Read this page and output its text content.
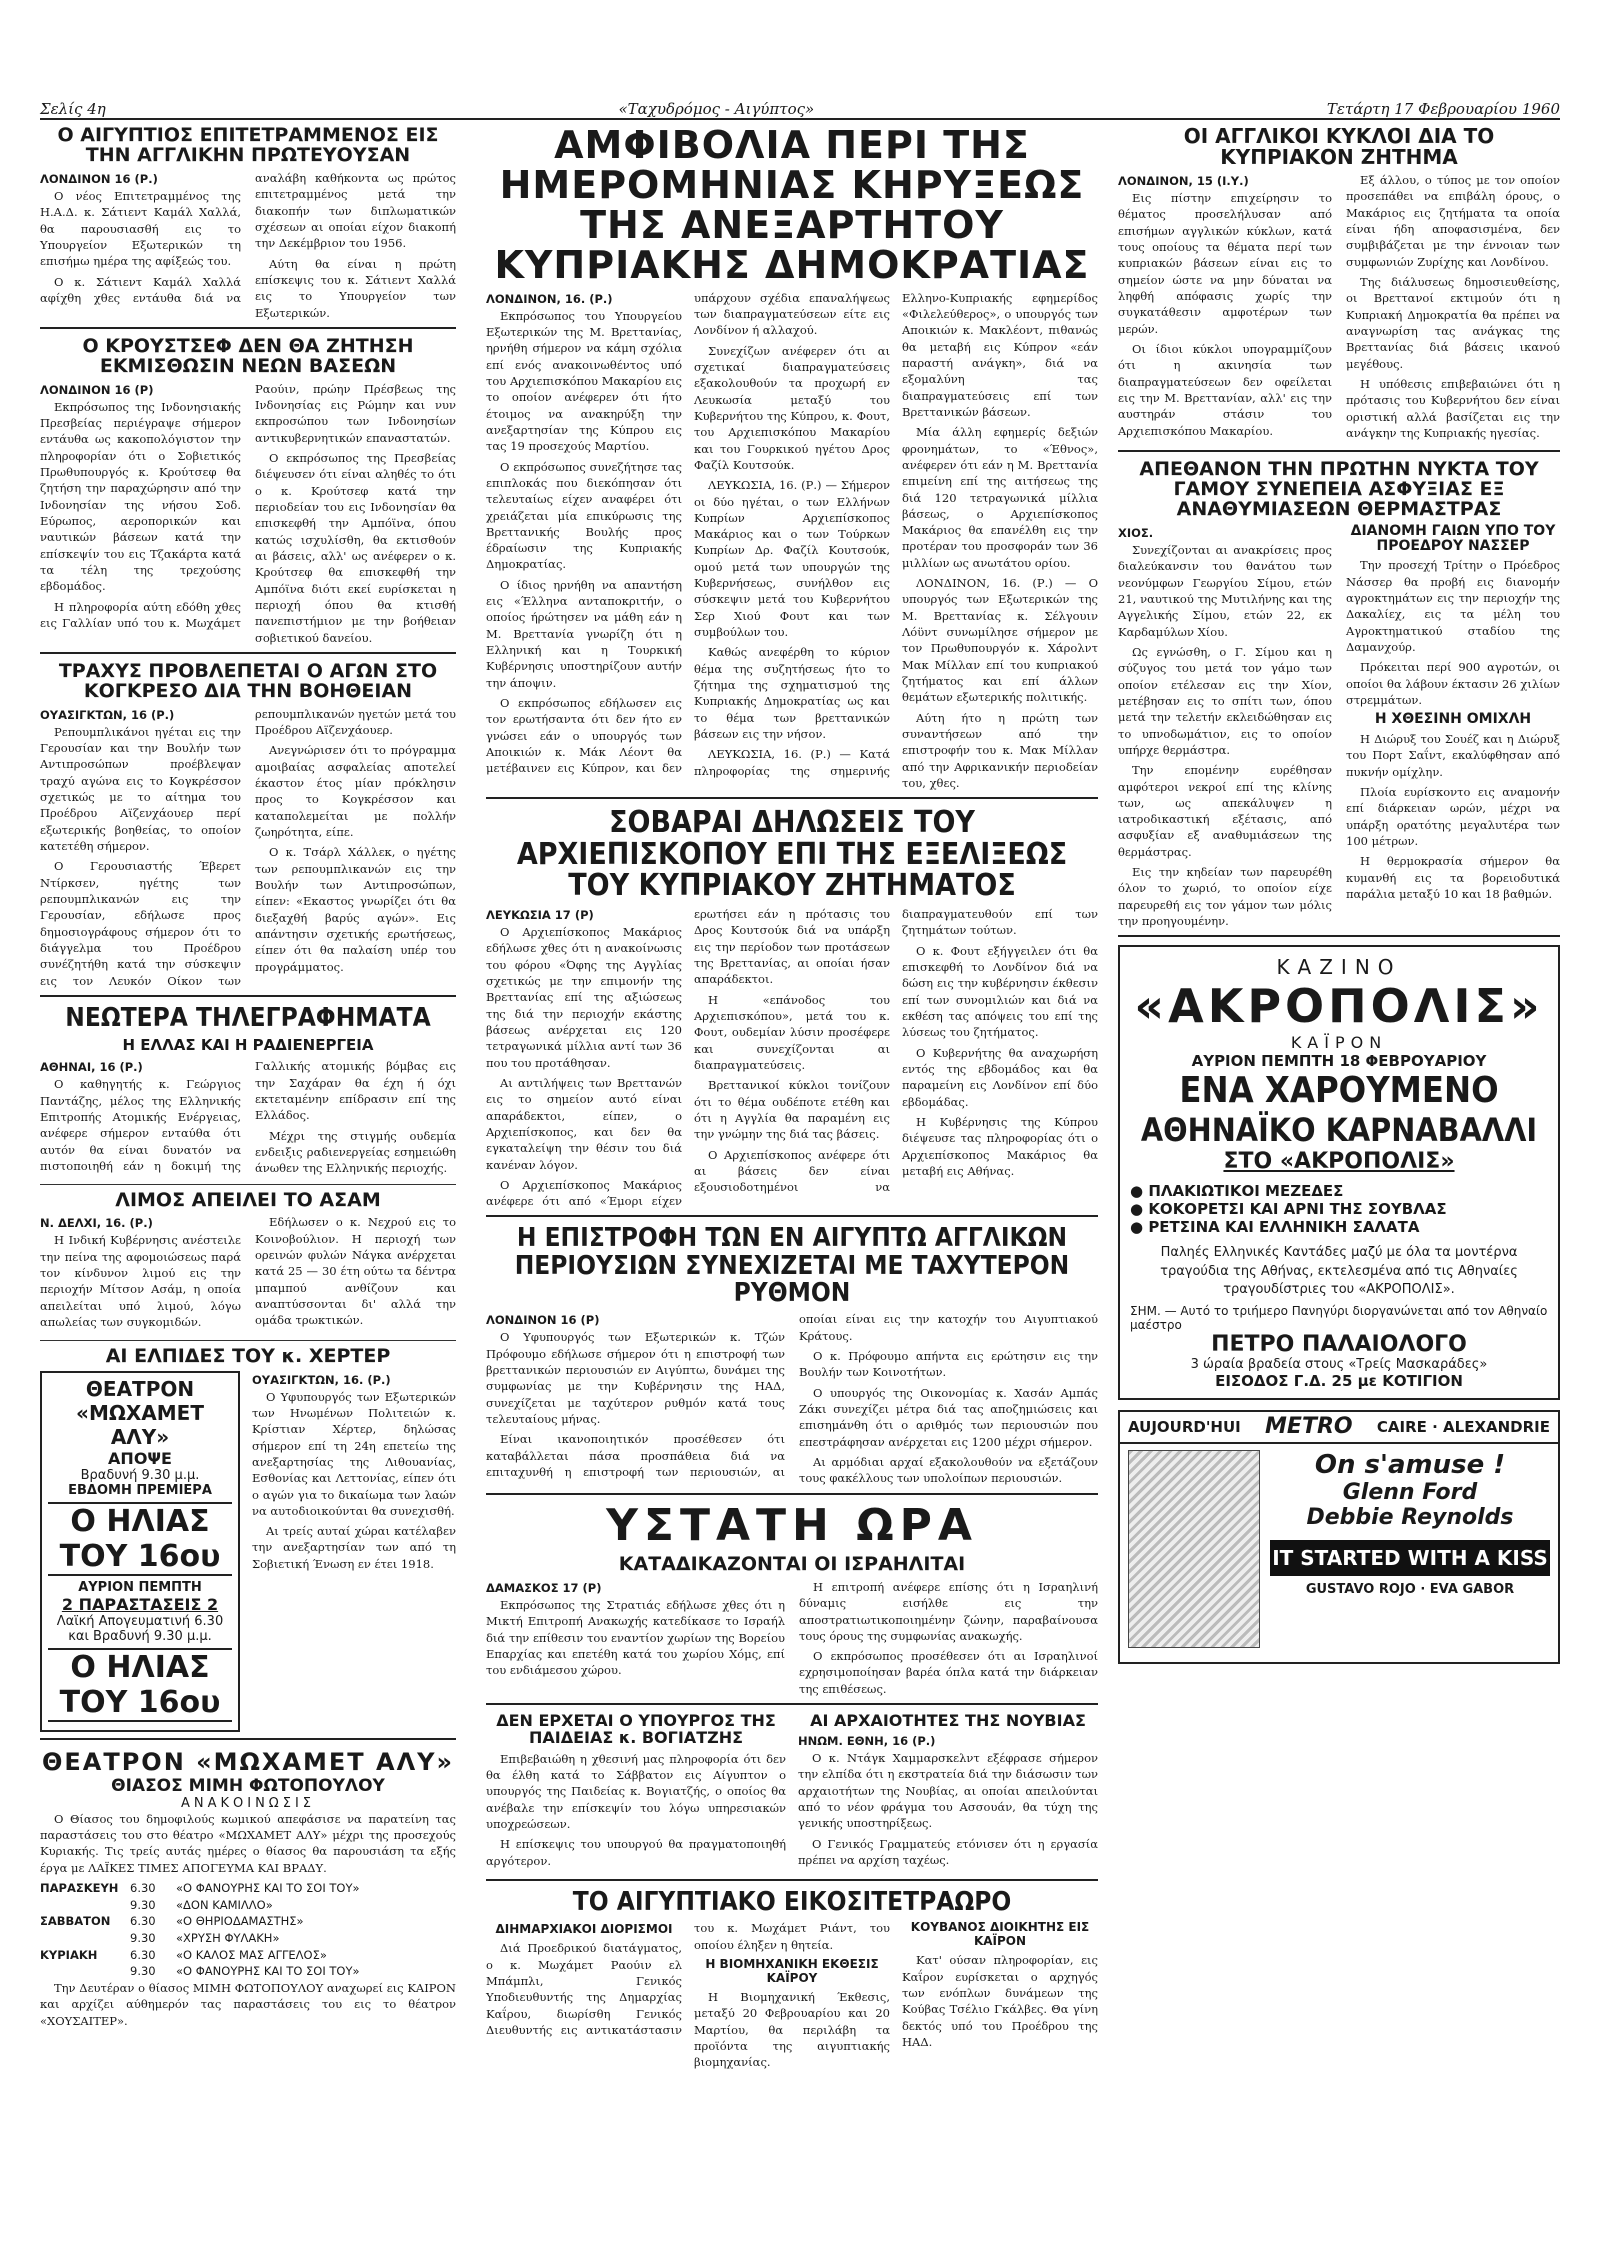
Σελίς 4η	«Ταχυδρόμος - Αιγύπτος»	Τετάρτη 17 Φεβρουαρίου 1960
Ο ΑΙΓΥΠΤΙΟΣ ΕΠΙΤΕΤΡΑΜΜΕΝΟΣ ΕΙΣ ΤΗΝ ΑΓΓΛΙΚΗΝ ΠΡΩΤΕΥΟΥΣΑΝ
ΛΟΝΔΙΝΟΝ 16 (Ρ.)

Ο νέος Επιτετραμμένος της Η.Α.Δ. κ. Σάτιεντ Καμάλ Χαλλά, θα παρουσιασθή εις το Υπουργείον Εξωτερικών τη επισήμω ημέρα της αφίξεώς του.

Ο κ. Σάτιεντ Καμάλ Χαλλά αφίχθη χθες εντάυθα διά να αναλάβη καθήκοντα ως πρώτος επιτετραμμένος μετά την διακοπήν των διπλωματικών σχέσεων αι οποίαι είχον διακοπή την Δεκέμβριον του 1956.

Αύτη θα είναι η πρώτη επίσκεψις του κ. Σάτιεντ Χαλλά εις το Υπουργείον των Εξωτερικών.

Ο ΚΡΟΥΣΤΣΕΦ ΔΕΝ ΘΑ ΖΗΤΗΣΗ ΕΚΜΙΣΘΩΣΙΝ ΝΕΩΝ ΒΑΣΕΩΝ
ΛΟΝΔΙΝΟΝ 16 (Ρ)

Εκπρόσωπος της Ινδονησιακής Πρεσβείας περιέγραψε σήμερον εντάυθα ως κακοπολόγιστον την πληροφορίαν ότι ο Σοβιετικός Πρωθυπουργός κ. Κρούτσεφ θα ζητήση την παραχώρησιν από την Ινδονησίαν της νήσου Σοδ. Εύρωπος, αεροπορικών και ναυτικών βάσεων κατά την επίσκεψίν του εις Τζακάρτα κατά τα τέλη της τρεχούσης εβδομάδος.

Η πληροφορία αύτη εδόθη χθες εις Γαλλίαν υπό του κ. Μωχάμετ Ραούιν, πρώην Πρέσβεως της Ινδονησίας εις Ρώμην και νυν εκπροσώπου των Ινδονησίων αντικυβερνητικών επαναστατών.

Ο εκπρόσωπος της Πρεσβείας διέψευσεν ότι είναι αληθές το ότι ο κ. Κρούτσεφ κατά την περιοδείαν του εις Ινδονησίαν θα επισκεφθή την Αμπόϊνα, όπου κατώς ισχυλίσθη, θα εκτισθούν αι βάσεις, αλλ' ως ανέφερεν ο κ. Κρούτσεφ θα επισκεφθή την Αμπόϊνα διότι εκεί ευρίσκεται η περιοχή όπου θα κτισθή πανεπιστήμιον με την βοήθειαν σοβιετικού δανείου.

ΤΡΑΧΥΣ ΠΡΟΒΛΕΠΕΤΑΙ Ο ΑΓΩΝ ΣΤΟ ΚΟΓΚΡΕΣΟ ΔΙΑ ΤΗΝ ΒΟΗΘΕΙΑΝ
ΟΥΑΣΙΓΚΤΩΝ, 16 (Ρ.)

Ρεπουμπλικάνοι ηγέται εις την Γερουσίαν και την Βουλήν των Αντιπροσώπων προέβλεψαν τραχύ αγώνα εις το Κογκρέσσον σχετικώς με το αίτημα του Προέδρου Αϊζενχάουερ περί εξωτερικής βοηθείας, το οποίον κατετέθη σήμερον.

Ο Γερουσιαστής Έβερετ Ντίρκσεν, ηγέτης των ρεπουμπλικανών εις την Γερουσίαν, εδήλωσε προς δημοσιογράφους σήμερον ότι το διάγγελμα του Προέδρου συνέζητήθη κατά την σύσκεψιν εις τον Λευκόν Οίκον των ρεπουμπλικανών ηγετών μετά του Προέδρου Αϊζενχάουερ.

Ανεγνώρισεν ότι το πρόγραμμα αμοιβαίας ασφαλείας αποτελεί έκαστον έτος μίαν πρόκλησιν προς το Κογκρέσσον και καταπολεμείται με πολλήν ζωηρότητα, είπε.

Ο κ. Τσάρλ Χάλλεκ, ο ηγέτης των ρεπουμπλικανών εις την Βουλήν των Αντιπροσώπων, είπεν: «Εκαστος γνωρίζει ότι θα διεξαχθή βαρύς αγών». Εις απάντησιν σχετικής ερωτήσεως, είπεν ότι θα παλαίση υπέρ του προγράμματος.

ΝΕΩΤΕΡΑ ΤΗΛΕΓΡΑΦΗΜΑΤΑ
Η ΕΛΛΑΣ ΚΑΙ Η ΡΑΔΙΕΝΕΡΓΕΙΑ
ΑΘΗΝΑΙ, 16 (Ρ.)

Ο καθηγητής κ. Γεώργιος Παντάζης, μέλος της Ελληνικής Επιτροπής Ατομικής Ενέργειας, ανέφερε σήμερον ενταύθα ότι αυτόν θα είναι δυνατόν να πιστοποιηθή εάν η δοκιμή της Γαλλικής ατομικής βόμβας εις την Σαχάραν θα έχη ή όχι εκτεταμένην επίδρασιν επί της Ελλάδος.

Μέχρι της στιγμής ουδεμία ενδειξις ραδιενεργείας εσημειώθη άνωθεν της Ελληνικής περιοχής.

ΛΙΜΟΣ ΑΠΕΙΛΕΙ ΤΟ ΑΣΑΜ
Ν. ΔΕΛΧΙ, 16. (Ρ.)

Η Ινδική Κυβέρνησις ανέστειλε την πείνα της αφομοιώσεως παρά τον κίνδυνον λιμού εις την περιοχήν Μίτσον Ασάμ, η οποία απειλείται υπό λιμού, λόγω απωλείας των συγκομιδών.

Εδήλωσεν ο κ. Νεχρού εις το Κοινοβούλιον. Η περιοχή των ορεινών φυλών Νάγκα ανέρχεται κατά 25 — 30 έτη ούτω τα δέντρα μπαμπού ανθίζουν και αναπτύσσονται δι' αλλά την ομάδα τρωκτικών.

ΑΙ ΕΛΠΙΔΕΣ ΤΟΥ κ. ΧΕΡΤΕΡ
ΘΕΑΤΡΟΝ «ΜΩΧΑΜΕΤ ΑΛΥ»
ΑΠΟΨΕ
Βραδυνή 9.30 μ.μ.
ΕΒΔΟΜΗ ΠΡΕΜΙΕΡΑ
Ο ΗΛΙΑΣ ΤΟΥ 16ου
ΑΥΡΙΟΝ ΠΕΜΠΤΗ
2 ΠΑΡΑΣΤΑΣΕΙΣ 2
Λαϊκή Απογευματινή 6.30
και Βραδυνή 9.30 μ.μ.
Ο ΗΛΙΑΣ ΤΟΥ 16ου
ΟΥΑΣΙΓΚΤΩΝ, 16. (Ρ.)

Ο Υφυπουργός των Εξωτερικών των Ηνωμένων Πολιτειών κ. Κρίστιαν Χέρτερ, δηλώσας σήμερον επί τη 24η επετείω της ανεξαρτησίας της Λιθουανίας, Εσθονίας και Λεττονίας, είπεν ότι ο αγών για το δικαίωμα των λαών να αυτοδιοικούνται θα συνεχισθή.

Αι τρείς αυταί χώραι κατέλαβεν την ανεξαρτησίαν των από τη Σοβιετική Ένωση εν έτει 1918.

ΘΕΑΤΡΟΝ «ΜΩΧΑΜΕΤ ΑΛΥ»
ΘΙΑΣΟΣ ΜΙΜΗ ΦΩΤΟΠΟΥΛΟΥ
ΑΝΑΚΟΙΝΩΣΙΣ

Ο Θίασος του δημοφιλούς κωμικού απεφάσισε να παρατείνη τας παραστάσεις του στο θέατρο «ΜΩΧΑΜΕΤ ΑΛΥ» μέχρι της προσεχούς Κυριακής. Τις τρείς αυτάς ημέρες ο θίασος θα παρουσιάση τα εξής έργα με ΛΑΪΚΕΣ ΤΙΜΕΣ ΑΠΟΓΕΥΜΑ ΚΑΙ ΒΡΑΔΥ.

ΠΑΡΑΣΚΕΥΗ	6.30	«Ο ΦΑΝΟΥΡΗΣ ΚΑΙ ΤΟ ΣΟΙ ΤΟΥ»
9.30	«ΔΟΝ ΚΑΜΙΛΛΟ»
ΣΑΒΒΑΤΟΝ	6.30	«Ο ΘΗΡΙΟΔΑΜΑΣΤΗΣ»
9.30	«ΧΡΥΣΗ ΦΥΛΑΚΗ»
ΚΥΡΙΑΚΗ	6.30	«Ο ΚΑΛΟΣ ΜΑΣ ΑΓΓΕΛΟΣ»
9.30	«Ο ΦΑΝΟΥΡΗΣ ΚΑΙ ΤΟ ΣΟΙ ΤΟΥ»

Την Δευτέραν ο θίασος ΜΙΜΗ ΦΩΤΟΠΟΥΛΟΥ αναχωρεί εις ΚΑΙΡΟΝ και αρχίζει αύθημερόν τας παραστάσεις του εις το θέατρον «ΧΟΥΣΑΙΤΕΡ».

ΑΜΦΙΒΟΛΙΑ ΠΕΡΙ ΤΗΣ ΗΜΕΡΟΜΗΝΙΑΣ ΚΗΡΥΞΕΩΣ ΤΗΣ ΑΝΕΞΑΡΤΗΤΟΥ ΚΥΠΡΙΑΚΗΣ ΔΗΜΟΚΡΑΤΙΑΣ
ΛΟΝΔΙΝΟΝ, 16. (Ρ.)

Εκπρόσωπος του Υπουργείου Εξωτερικών της Μ. Βρεττανίας, ηρνήθη σήμερον να κάμη σχόλια επί ενός ανακοινωθέντος υπό του Αρχιεπισκόπου Μακαρίου εις το οποίον ανέφερεν ότι ήτο έτοιμος να ανακηρύξη την ανεξαρτησίαν της Κύπρου εις τας 19 προσεχούς Μαρτίου.

Ο εκπρόσωπος συνεζήτησε τας επιπλοκάς που διεκόπησαν ότι τελευταίως είχεν αναφέρει ότι χρειάζεται μία επικύρωσις της Βρεττανικής Βουλής προς έδραίωσιν της Κυπριακής Δημοκρατίας.

Ο ίδιος ηρνήθη να απαντήση εις «Έλληνα ανταποκριτήν, ο οποίος ήρώτησεν να μάθη εάν η Μ. Βρεττανία γνωρίζη ότι η Ελληνική και η Τουρκική Κυβέρνησις υποστηρίζουν αυτήν την άποψιν.

Ο εκπρόσωπος εδήλωσεν εις τον ερωτήσαντα ότι δεν ήτο εν γνώσει εάν ο υπουργός των Αποικιών κ. Μάκ Λέοντ θα μετέβαινεν εις Κύπρον, και δεν υπάρχουν σχέδια επαναλήψεως των διαπραγματεύσεων είτε εις Λονδίνον ή αλλαχού.

Συνεχίζων ανέφερεν ότι αι σχετικαί διαπραγματεύσεις εξακολουθούν τα προχωρή εν Λευκωσία μεταξύ του Κυβερνήτου της Κύπρου, κ. Φουτ, του Αρχιεπισκόπου Μακαρίου και του Γουρκικού ηγέτου Δρος Φαζίλ Κουτσούκ.

ΛΕΥΚΩΣΙΑ, 16. (Ρ.) — Σήμερον οι δύο ηγέται, ο των Ελλήνων Κυπρίων Αρχιεπίσκοπος Μακάριος και ο των Τούρκων Κυπρίων Δρ. Φαζίλ Κουτσούκ, ομού μετά των υπουργών της Κυβερνήσεως, συνήλθον εις σύσκεψιν μετά του Κυβερνήτου Σερ Χιού Φουτ και των συμβούλων του.

Καθώς ανεφέρθη το κύριον θέμα της συζητήσεως ήτο το ζήτημα της σχηματισμού της Κυπριακής Δημοκρατίας ως και το θέμα των βρεττανικών βάσεων εις την νήσον.

ΛΕΥΚΩΣΙΑ, 16. (Ρ.) — Κατά πληροφορίας της σημερινής Ελληνο-Κυπριακής εφημερίδος «Φιλελεύθερος», ο υπουργός των Αποικιών κ. Μακλέοντ, πιθανώς θα μεταβή εις Κύπρον «εάν παραστή ανάγκη», διά να εξομαλύνη τας διαπραγματεύσεις επί των Βρεττανικών βάσεων.

Μία άλλη εφημερίς δεξιών φρονημάτων, το «Έθνος», ανέφερεν ότι εάν η Μ. Βρεττανία επιμείνη επί της αιτήσεως της διά 120 τετραγωνικά μίλλια βάσεως, ο Αρχιεπίσκοπος Μακάριος θα επανέλθη εις την προτέραν του προσφοράν των 36 μιλλίων ως ανωτάτου ορίου.

ΛΟΝΔΙΝΟΝ, 16. (Ρ.) — Ο υπουργός των Εξωτερικών της Μ. Βρεττανίας κ. Σέλγουιν Λόϋντ συνωμίλησε σήμερον με τον Πρωθυπουργόν κ. Χάρολντ Μακ Μίλλαν επί του κυπριακού ζητήματος και επί άλλων θεμάτων εξωτερικής πολιτικής.

Αύτη ήτο η πρώτη των συναντήσεων από την επιστροφήν του κ. Μακ Μίλλαν από την Αφρικανικήν περιοδείαν του, χθες.

ΣΟΒΑΡΑΙ ΔΗΛΩΣΕΙΣ ΤΟΥ ΑΡΧΙΕΠΙΣΚΟΠΟΥ ΕΠΙ ΤΗΣ ΕΞΕΛΙΞΕΩΣ ΤΟΥ ΚΥΠΡΙΑΚΟΥ ΖΗΤΗΜΑΤΟΣ
ΛΕΥΚΩΣΙΑ 17 (Ρ)

Ο Αρχιεπίσκοπος Μακάριος εδήλωσε χθες ότι η ανακοίνωσις του φόρου «Όφης της Αγγλίας σχετικώς με την επιμονήν της Βρεττανίας επί της αξιώσεως της διά την περιοχήν εκάστης βάσεως ανέρχεται εις 120 τετραγωνικά μίλλια αντί των 36 που του προτάθησαν.

Αι αντιλήψεις των Βρεττανών εις το σημείον αυτό είναι απαράδεκτοι, είπεν, ο Αρχιεπίσκοπος, και δεν θα εγκαταλείψη την θέσιν του διά κανέναν λόγον.

Ο Αρχιεπίσκοπος Μακάριος ανέφερε ότι από «Έμορι είχεν ερωτήσει εάν η πρότασις του Δρος Κουτσούκ διά να υπάρξη εις την περίοδον των προτάσεων της Βρεττανίας, αι οποίαι ήσαν απαράδεκτοι.

Η «επάνοδος του Αρχιεπισκόπου», μετά του κ. Φουτ, ουδεμίαν λύσιν προσέφερε και συνεχίζονται αι διαπραγματεύσεις.

Βρεττανικοί κύκλοι τονίζουν ότι το θέμα ουδέποτε ετέθη και ότι η Αγγλία θα παραμένη εις την γνώμην της διά τας βάσεις.

Ο Αρχιεπίσκοπος ανέφερε ότι αι βάσεις δεν είναι εξουσιοδοτημένοι να διαπραγματευθούν επί των ζητημάτων τούτων.

Ο κ. Φουτ εξήγγειλεν ότι θα επισκεφθή το Λονδίνον διά να δώση εις την κυβέρνησιν έκθεσιν επί των συνομιλιών και διά να εκθέση τας απόψεις του επί της λύσεως του ζητήματος.

Ο Κυβερνήτης θα αναχωρήση εντός της εβδομάδος και θα παραμείνη εις Λονδίνον επί δύο εβδομάδας.

Η Κυβέρνησις της Κύπρου διέψευσε τας πληροφορίας ότι ο Αρχιεπίσκοπος Μακάριος θα μεταβή εις Αθήνας.

Η ΕΠΙΣΤΡΟΦΗ ΤΩΝ ΕΝ ΑΙΓΥΠΤΩ ΑΓΓΛΙΚΩΝ ΠΕΡΙΟΥΣΙΩΝ ΣΥΝΕΧΙΖΕΤΑΙ ΜΕ ΤΑΧΥΤΕΡΟΝ ΡΥΘΜΟΝ
ΛΟΝΔΙΝΟΝ 16 (Ρ)

Ο Υφυπουργός των Εξωτερικών κ. Τζών Πρόφουμο εδήλωσε σήμερον ότι η επιστροφή των βρεττανικών περιουσιών εν Αιγύπτω, δυνάμει της συμφωνίας με την Κυβέρνησιν της ΗΑΔ, συνεχίζεται με ταχύτερον ρυθμόν κατά τους τελευταίους μήνας.

Είναι ικανοποιητικόν προσέθεσεν ότι καταβάλλεται πάσα προσπάθεια διά να επιταχυνθή η επιστροφή των περιουσιών, αι οποίαι είναι εις την κατοχήν του Αιγυπτιακού Κράτους.

Ο κ. Πρόφουμο απήντα εις ερώτησιν εις την Βουλήν των Κοινοτήτων.

Ο υπουργός της Οικονομίας κ. Χασάν Αμπάς Ζάκι συνεχίζει μέτρα διά τας αποζημιώσεις και επισημάνθη ότι ο αριθμός των περιουσιών που επεστράφησαν ανέρχεται εις 1200 μέχρι σήμερον.

Αι αρμόδιαι αρχαί εξακολουθούν να εξετάζουν τους φακέλλους των υπολοίπων περιουσιών.

ΥΣΤΑΤΗ ΩΡΑ
ΚΑΤΑΔΙΚΑΖΟΝΤΑΙ ΟΙ ΙΣΡΑΗΛΙΤΑΙ
ΔΑΜΑΣΚΟΣ 17 (Ρ)

Εκπρόσωπος της Στρατιάς εδήλωσε χθες ότι η Μικτή Επιτροπή Ανακωχής κατεδίκασε το Ισραήλ διά την επίθεσιν του εναντίον χωρίων της Βορείου Επαρχίας και επετέθη κατά του χωρίου Χόμς, επί του ενδιάμεσου χώρου.

Η επιτροπή ανέφερε επίσης ότι η Ισραηλινή δύναμις εισήλθε εις την αποστρατιωτικοποιημένην ζώνην, παραβαίνουσα τους όρους της συμφωνίας ανακωχής.

Ο εκπρόσωπος προσέθεσεν ότι αι Ισραηλινοί εχρησιμοποίησαν βαρέα όπλα κατά την διάρκειαν της επιθέσεως.

ΔΕΝ ΕΡΧΕΤΑΙ Ο ΥΠΟΥΡΓΟΣ ΤΗΣ ΠΑΙΔΕΙΑΣ κ. ΒΟΓΙΑΤΖΗΣ

Επιβεβαιώθη η χθεσινή μας πληροφορία ότι δεν θα έλθη κατά το Σάββατον εις Αίγυπτον ο υπουργός της Παιδείας κ. Βογιατζής, ο οποίος θα ανέβαλε την επίσκεψίν του λόγω υπηρεσιακών υποχρεώσεων.

Η επίσκεψις του υπουργού θα πραγματοποιηθή αργότερον.

ΑΙ ΑΡΧΑΙΟΤΗΤΕΣ ΤΗΣ ΝΟΥΒΙΑΣ
ΗΝΩΜ. ΕΘΝΗ, 16 (Ρ.)

Ο κ. Ντάγκ Χαμμαρσκελντ εξέφρασε σήμερον την ελπίδα ότι η εκστρατεία διά την διάσωσιν των αρχαιοτήτων της Νουβίας, αι οποίαι απειλούνται από το νέον φράγμα του Ασσουάν, θα τύχη της γενικής υποστηρίξεως.

Ο Γενικός Γραμματεύς ετόνισεν ότι η εργασία πρέπει να αρχίση ταχέως.

ΤΟ ΑΙΓΥΠΤΙΑΚΟ ΕΙΚΟΣΙΤΕΤΡΑΩΡΟ
ΔΙΗΜΑΡΧΙΑΚΟΙ ΔΙΟΡΙΣΜΟΙ

Διά Προεδρικού διατάγματος, ο κ. Μωχάμετ Ραούιν ελ Μπάμπλι, Γενικός Υποδιευθυντής της Δημαρχίας Καΐρου, διωρίσθη Γενικός Διευθυντής εις αντικατάστασιν του κ. Μωχάμετ Ριάντ, του οποίου έληξεν η θητεία.

Η ΒΙΟΜΗΧΑΝΙΚΗ ΕΚΘΕΣΙΣ ΚΑΪΡΟΥ

Η Βιομηχανική Έκθεσις, μεταξύ 20 Φεβρουαρίου και 20 Μαρτίου, θα περιλάβη τα προϊόντα της αιγυπτιακής βιομηχανίας.

ΚΟΥΒΑΝΟΣ ΔΙΟΙΚΗΤΗΣ ΕΙΣ ΚΑΪΡΟΝ

Κατ' ούσαν πληροφορίαν, εις Καΐρον ευρίσκεται ο αρχηγός των ενόπλων δυνάμεων της Κούβας Τσέλιο Γκάλβες. Θα γίνη δεκτός υπό του Προέδρου της ΗΑΔ.

ΟΙ ΑΓΓΛΙΚΟΙ ΚΥΚΛΟΙ ΔΙΑ ΤΟ ΚΥΠΡΙΑΚΟΝ ΖΗΤΗΜΑ
ΛΟΝΔΙΝΟΝ, 15 (Ι.Υ.)

Εις πίστην επιχείρησιν το θέματος προσελήλυσαν από επισήμων αγγλικών κύκλων, κατά τους οποίους τα θέματα περί των κυπριακών βάσεων είναι εις το σημείον ώστε να μην δύναται να ληφθή απόφασις χωρίς την συγκατάθεσιν αμφοτέρων των μερών.

Οι ίδιοι κύκλοι υπογραμμίζουν ότι η ακινησία των διαπραγματεύσεων δεν οφείλεται εις την Μ. Βρεττανίαν, αλλ' εις την αυστηράν στάσιν του Αρχιεπισκόπου Μακαρίου.

Εξ άλλου, ο τύπος με τον οποίον προσεπάθει να επιβάλη όρους, ο Μακάριος εις ζητήματα τα οποία είναι ήδη αποφασισμένα, δεν συμβιβάζεται με την έννοιαν των συμφωνιών Ζυρίχης και Λονδίνου.

Της διάλυσεως δημοσιευθείσης, οι Βρεττανοί εκτιμούν ότι η Κυπριακή Δημοκρατία θα πρέπει να αναγνωρίση τας ανάγκας της Βρεττανίας διά βάσεις ικανού μεγέθους.

Η υπόθεσις επιβεβαιώνει ότι η πρότασις του Κυβερνήτου δεν είναι οριστική αλλά βασίζεται εις την ανάγκην της Κυπριακής ηγεσίας.

ΑΠΕΘΑΝΟΝ ΤΗΝ ΠΡΩΤΗΝ ΝΥΚΤΑ ΤΟΥ ΓΑΜΟΥ ΣΥΝΕΠΕΙΑ ΑΣΦΥΞΙΑΣ ΕΞ ΑΝΑΘΥΜΙΑΣΕΩΝ ΘΕΡΜΑΣΤΡΑΣ
ΧΙΟΣ.

Συνεχίζονται αι ανακρίσεις προς διαλεύκανσιν του θανάτου των νεονύμφων Γεωργίου Σίμου, ετών 21, ναυτικού της Μυτιλήνης και της Αγγελικής Σίμου, ετών 22, εκ Καρδαμύλων Χίου.

Ως εγνώσθη, ο Γ. Σίμου και η σύζυγος του μετά τον γάμο των οποίον ετέλεσαν εις την Χίον, μετέβησαν εις το σπίτι των, όπου μετά την τελετήν εκλειδώθησαν εις το υπνοδωμάτιον, εις το οποίον υπήρχε θερμάστρα.

Την επομένην ευρέθησαν αμφότεροι νεκροί επί της κλίνης των, ως απεκάλυψεν η ιατροδικαστική εξέτασις, από ασφυξίαν εξ αναθυμιάσεων της θερμάστρας.

Εις την κηδείαν των παρευρέθη όλον το χωριό, το οποίον είχε παρευρεθή εις τον γάμον των μόλις την προηγουμένην.

ΔΙΑΝΟΜΗ ΓΑΙΩΝ ΥΠΟ ΤΟΥ ΠΡΟΕΔΡΟΥ ΝΑΣΣΕΡ

Την προσεχή Τρίτην ο Πρόεδρος Νάσσερ θα προβή εις διανομήν αγροκτημάτων εις την περιοχήν της Δακαλίεχ, εις τα μέλη του Αγροκτηματικού σταδίου της Δαμανχούρ.

Πρόκειται περί 900 αγροτών, οι οποίοι θα λάβουν έκτασιν 26 χιλίων στρεμμάτων.

Η ΧΘΕΣΙΝΗ ΟΜΙΧΛΗ

Η Διώρυξ του Σουέζ και η Διώρυξ του Πορτ Σαΐντ, εκαλύφθησαν από πυκνήν ομίχλην.

Πλοία ευρίσκοντο εις αναμονήν επί διάρκειαν ωρών, μέχρι να υπάρξη ορατότης μεγαλυτέρα των 100 μέτρων.

Η θερμοκρασία σήμερον θα κυμανθή εις τα βορειοδυτικά παράλια μεταξύ 10 και 18 βαθμών.

ΚΑΖΙΝΟ
«ΑΚΡΟΠΟΛΙΣ»
ΚΑΪΡΟΝ
ΑΥΡΙΟΝ ΠΕΜΠΤΗ 18 ΦΕΒΡΟΥΑΡΙΟΥ
ΕΝΑ ΧΑΡΟΥΜΕΝΟ
ΑΘΗΝΑΪΚΟ ΚΑΡΝΑΒΑΛΛΙ
ΣΤΟ «ΑΚΡΟΠΟΛΙΣ»
● ΠΛΑΚΙΩΤΙΚΟΙ ΜΕΖΕΔΕΣ
● ΚΟΚΟΡΕΤΣΙ ΚΑΙ ΑΡΝΙ ΤΗΣ ΣΟΥΒΛΑΣ
● ΡΕΤΣΙΝΑ ΚΑΙ ΕΛΛΗΝΙΚΗ ΣΑΛΑΤΑ

Παληές Ελληνικές Καντάδες μαζύ με όλα τα μοντέρνα τραγούδια της Αθήνας, εκτελεσμένα από τις Αθηναίες τραγουδίστριες του «ΑΚΡΟΠΟΛΙΣ».

ΣΗΜ. — Αυτό το τριήμερο Πανηγύρι διοργανώνεται από τον Αθηναίο μαέστρο
ΠΕΤΡΟ ΠΑΛΑΙΟΛΟΓΟ
3 ώραία βραδεία στους «Τρείς Μασκαράδες»
ΕΙΣΟΔΟΣ Γ.Δ. 25 με ΚΟΤΙΓΙΟΝ
AUJOURD'HUI METRO CAIRE · ALEXANDRIE
On s'amuse !
Glenn Ford
Debbie Reynolds
IT STARTED WITH A KISS
GUSTAVO ROJO · EVA GABOR
